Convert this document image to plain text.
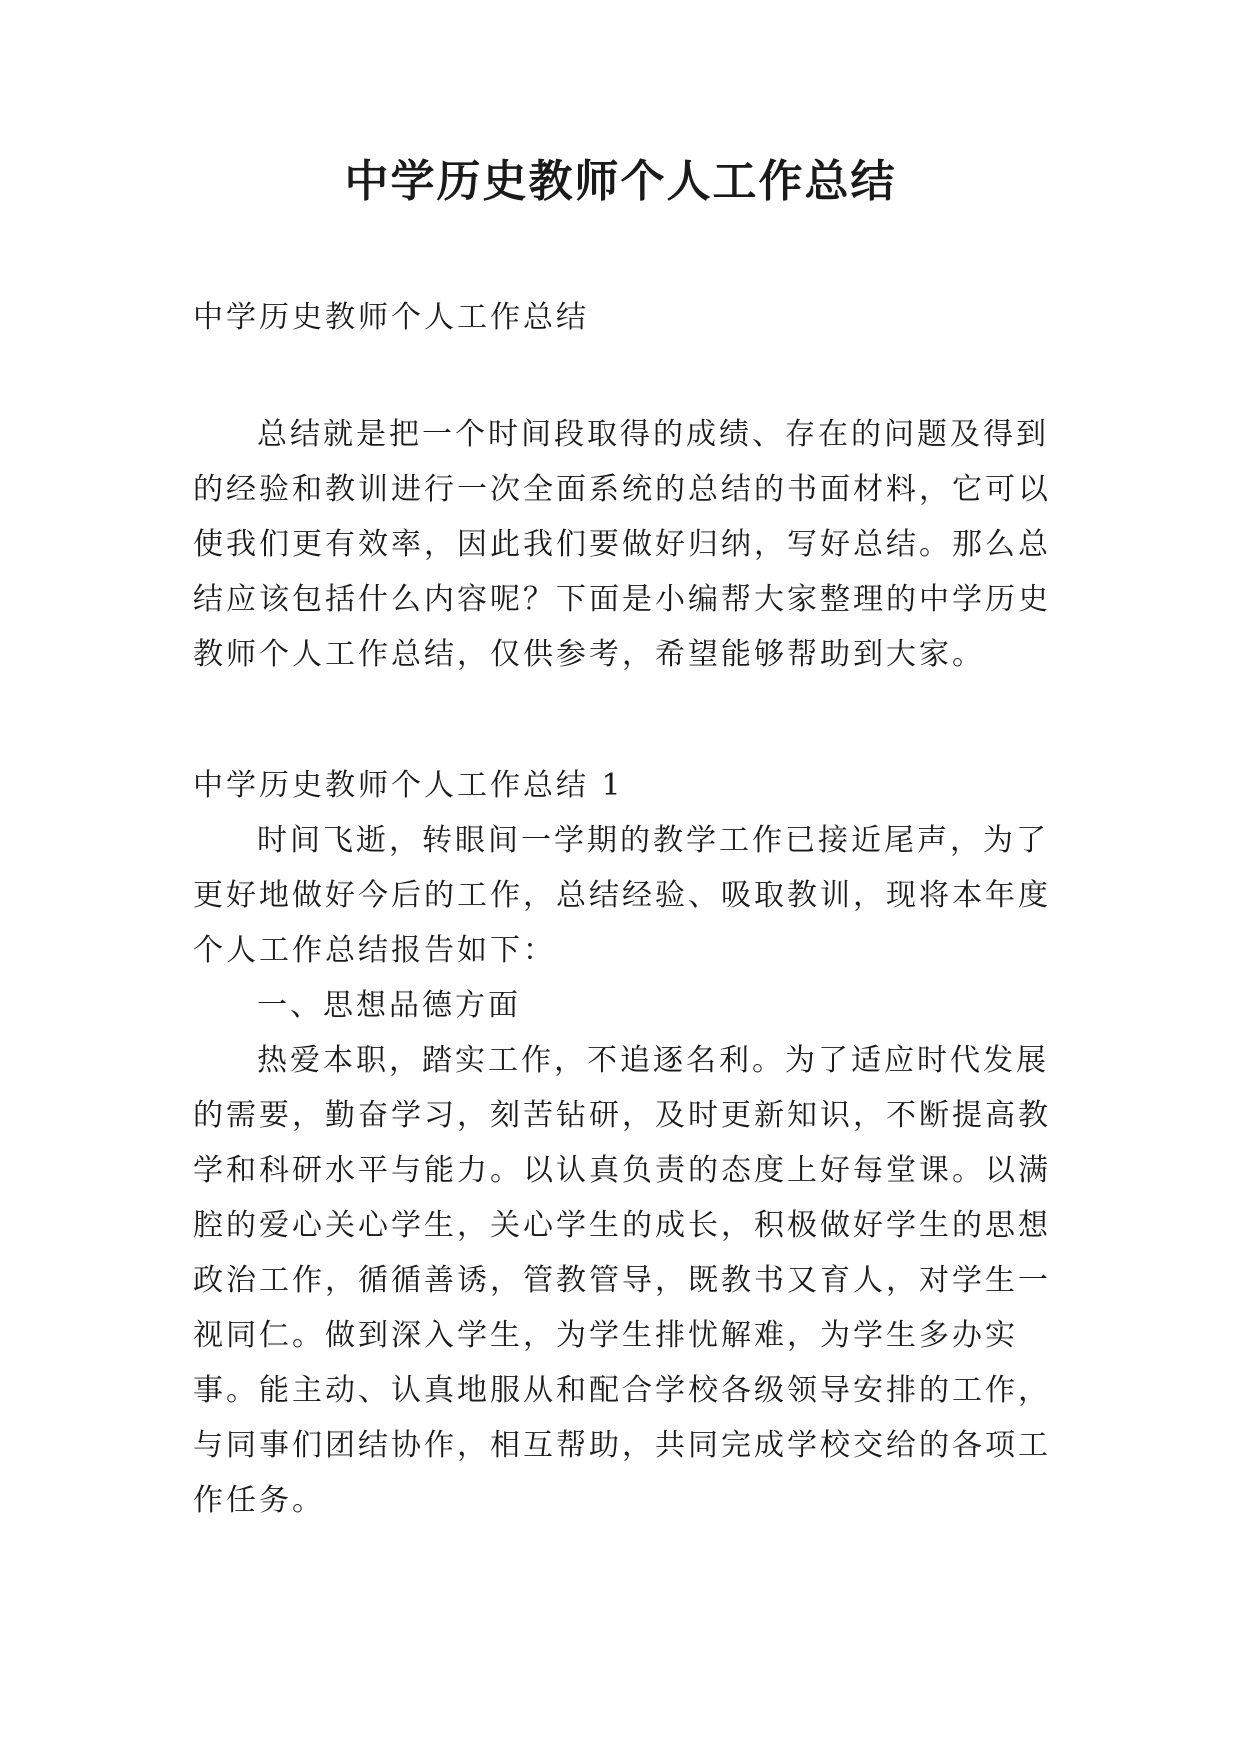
中学历史教师个人工作总结

中学历史教师个人工作总结

总结就是把一个时间段取得的成绩、存在的问题及得到的经验和教训进行一次全面系统的总结的书面材料，它可以使我们更有效率，因此我们要做好归纳，写好总结。那么总结应该包括什么内容呢？下面是小编帮大家整理的中学历史教师个人工作总结，仅供参考，希望能够帮助到大家。

中学历史教师个人工作总结 1

时间飞逝，转眼间一学期的教学工作已接近尾声，为了更好地做好今后的工作，总结经验、吸取教训，现将本年度个人工作总结报告如下：

一、思想品德方面

热爱本职，踏实工作，不追逐名利。为了适应时代发展的需要，勤奋学习，刻苦钻研，及时更新知识，不断提高教学和科研水平与能力。以认真负责的态度上好每堂课。以满腔的爱心关心学生，关心学生的成长，积极做好学生的思想政治工作，循循善诱，管教管导，既教书又育人，对学生一视同仁。做到深入学生，为学生排忧解难，为学生多办实事。能主动、认真地服从和配合学校各级领导安排的工作，与同事们团结协作，相互帮助，共同完成学校交给的各项工作任务。
